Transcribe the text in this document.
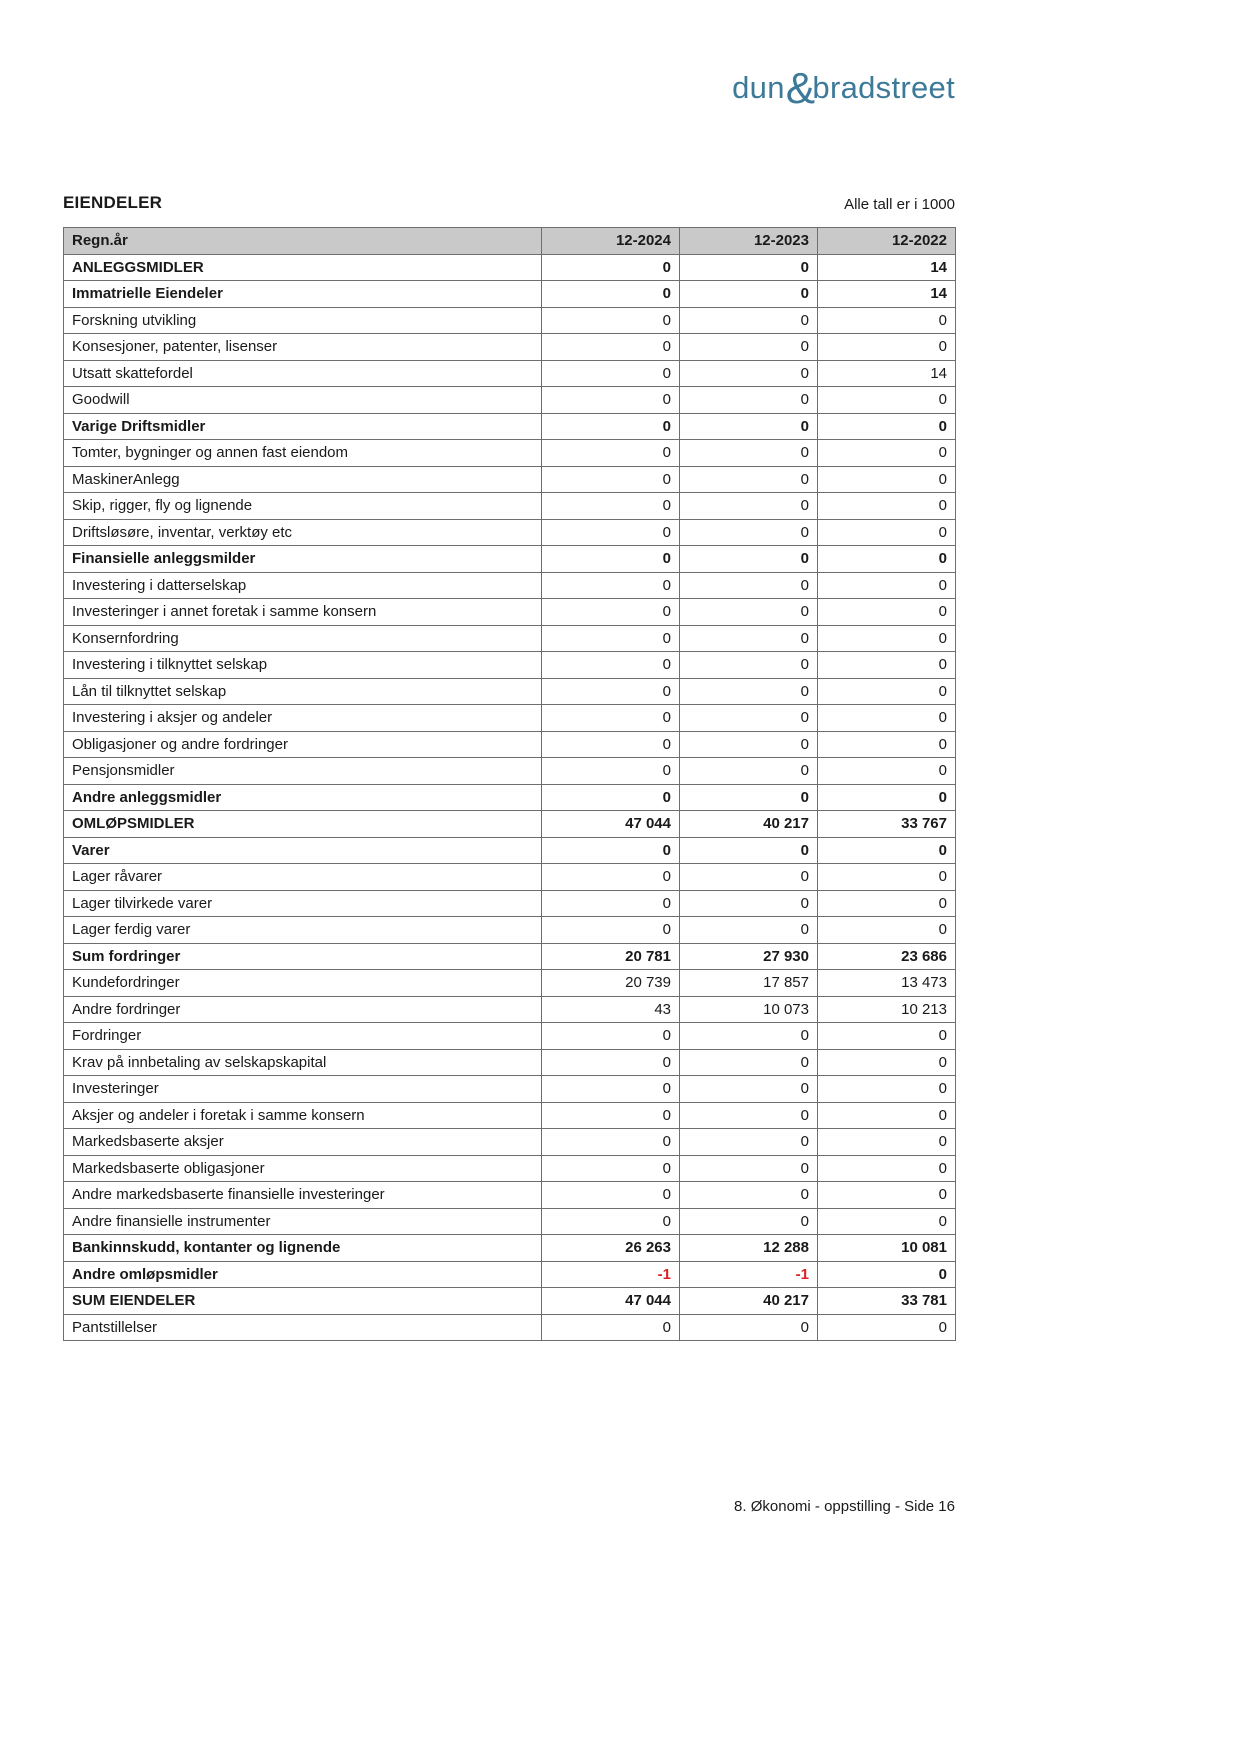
dun&bradstreet
EIENDELER	Alle tall er i 1000
Regn.år	12-2024	12-2023	12-2022
ANLEGGSMIDLER	0	0	14
Immatrielle Eiendeler	0	0	14
Forskning utvikling	0	0	0
Konsesjoner, patenter, lisenser	0	0	0
Utsatt skattefordel	0	0	14
Goodwill	0	0	0
Varige Driftsmidler	0	0	0
Tomter, bygninger og annen fast eiendom	0	0	0
MaskinerAnlegg	0	0	0
Skip, rigger, fly og lignende	0	0	0
Driftsløsøre, inventar, verktøy etc	0	0	0
Finansielle anleggsmilder	0	0	0
Investering i datterselskap	0	0	0
Investeringer i annet foretak i samme konsern	0	0	0
Konsernfordring	0	0	0
Investering i tilknyttet selskap	0	0	0
Lån til tilknyttet selskap	0	0	0
Investering i aksjer og andeler	0	0	0
Obligasjoner og andre fordringer	0	0	0
Pensjonsmidler	0	0	0
Andre anleggsmidler	0	0	0
OMLØPSMIDLER	47 044	40 217	33 767
Varer	0	0	0
Lager råvarer	0	0	0
Lager tilvirkede varer	0	0	0
Lager ferdig varer	0	0	0
Sum fordringer	20 781	27 930	23 686
Kundefordringer	20 739	17 857	13 473
Andre fordringer	43	10 073	10 213
Fordringer	0	0	0
Krav på innbetaling av selskapskapital	0	0	0
Investeringer	0	0	0
Aksjer og andeler i foretak i samme konsern	0	0	0
Markedsbaserte aksjer	0	0	0
Markedsbaserte obligasjoner	0	0	0
Andre markedsbaserte finansielle investeringer	0	0	0
Andre finansielle instrumenter	0	0	0
Bankinnskudd, kontanter og lignende	26 263	12 288	10 081
Andre omløpsmidler	-1	-1	0
SUM EIENDELER	47 044	40 217	33 781
Pantstillelser	0	0	0
8. Økonomi - oppstilling - Side 16
